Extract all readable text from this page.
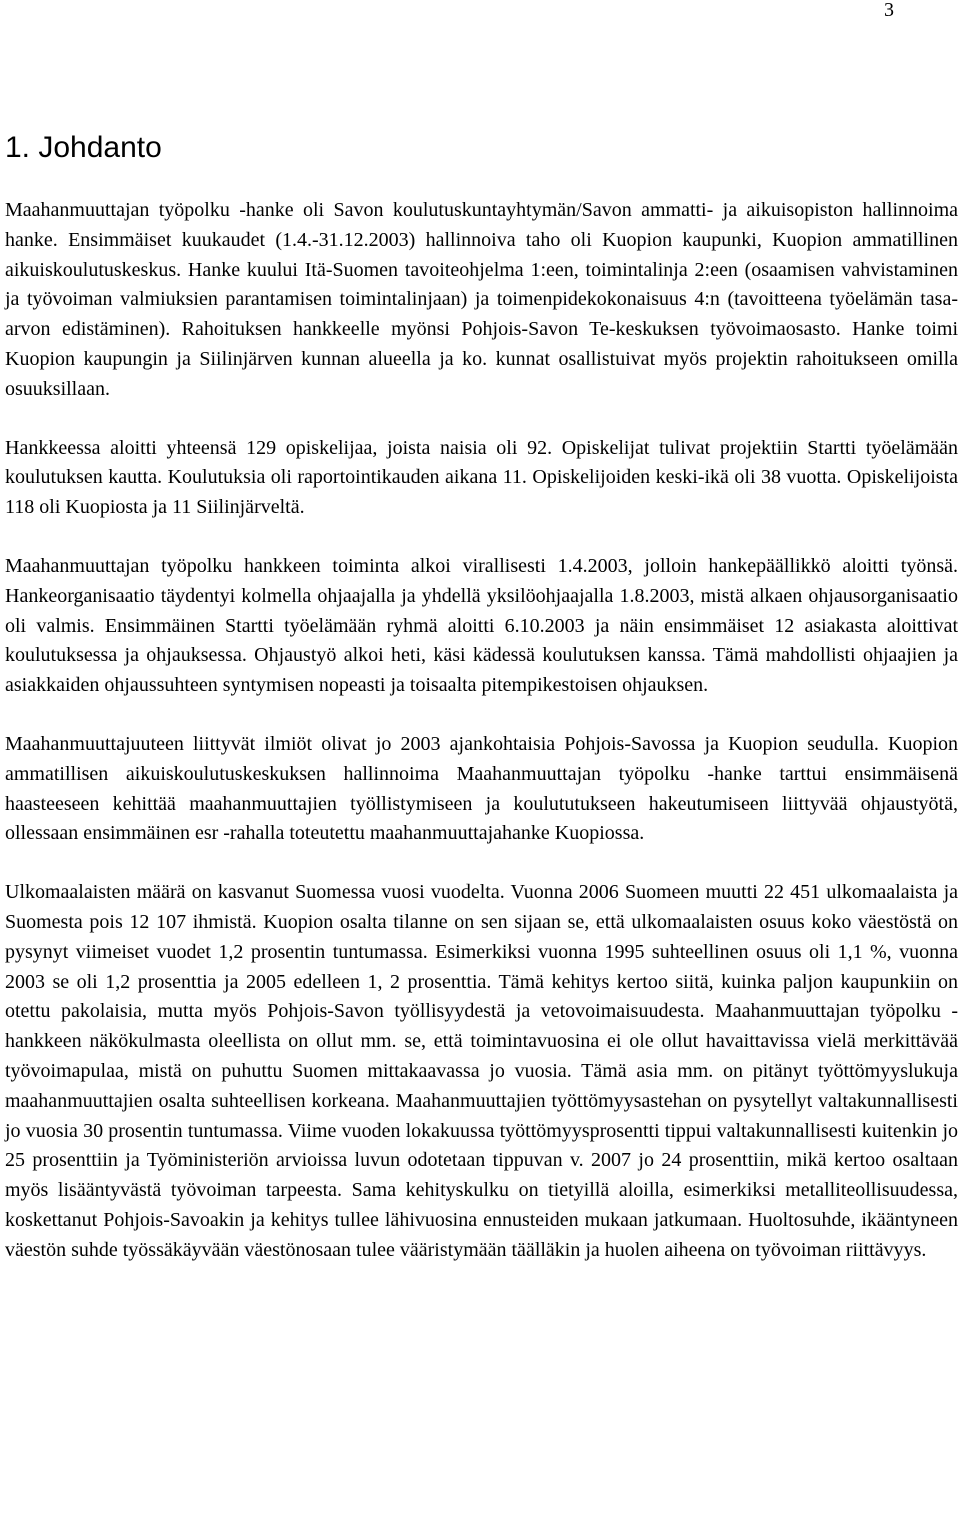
3
1. Johdanto

Maahanmuuttajan työpolku -hanke oli Savon koulutuskuntayhtymän/Savon ammatti- ja aikuisopiston hallinnoima hanke. Ensimmäiset kuukaudet (1.4.-31.12.2003) hallinnoiva taho oli Kuopion kaupunki, Kuopion ammatillinen aikuiskoulutuskeskus. Hanke kuului Itä-Suomen tavoiteohjelma 1:een, toimintalinja 2:een (osaamisen vahvistaminen ja työvoiman valmiuksien parantamisen toimintalinjaan) ja toimenpidekokonaisuus 4:n (tavoitteena työelämän tasa-arvon edistäminen). Rahoituksen hankkeelle myönsi Pohjois-Savon Te-keskuksen työvoimaosasto. Hanke toimi Kuopion kaupungin ja Siilinjärven kunnan alueella ja ko. kunnat osallistuivat myös projektin rahoitukseen omilla osuuksillaan.

Hankkeessa aloitti yhteensä 129 opiskelijaa, joista naisia oli 92. Opiskelijat tulivat projektiin Startti työelämään koulutuksen kautta. Koulutuksia oli raportointikauden aikana 11. Opiskelijoiden keski-ikä oli 38 vuotta. Opiskelijoista 118 oli Kuopiosta ja 11 Siilinjärveltä.

Maahanmuuttajan työpolku hankkeen toiminta alkoi virallisesti 1.4.2003, jolloin hankepäällikkö aloitti työnsä. Hankeorganisaatio täydentyi kolmella ohjaajalla ja yhdellä yksilöohjaajalla 1.8.2003, mistä alkaen ohjausorganisaatio oli valmis. Ensimmäinen Startti työelämään ryhmä aloitti 6.10.2003 ja näin ensimmäiset 12 asiakasta aloittivat koulutuksessa ja ohjauksessa. Ohjaustyö alkoi heti, käsi kädessä koulutuksen kanssa. Tämä mahdollisti ohjaajien ja asiakkaiden ohjaussuhteen syntymisen nopeasti ja toisaalta pitempikestoisen ohjauksen.

Maahanmuuttajuuteen liittyvät ilmiöt olivat jo 2003 ajankohtaisia Pohjois-Savossa ja Kuopion seudulla. Kuopion ammatillisen aikuiskoulutuskeskuksen hallinnoima Maahanmuuttajan työpolku -hanke tarttui ensimmäisenä haasteeseen kehittää maahanmuuttajien työllistymiseen ja koulututukseen hakeutumiseen liittyvää ohjaustyötä, ollessaan ensimmäinen esr -rahalla toteutettu maahanmuuttajahanke Kuopiossa.

Ulkomaalaisten määrä on kasvanut Suomessa vuosi vuodelta. Vuonna 2006 Suomeen muutti 22 451 ulkomaalaista ja Suomesta pois 12 107 ihmistä. Kuopion osalta tilanne on sen sijaan se, että ulkomaalaisten osuus koko väestöstä on pysynyt viimeiset vuodet 1,2 prosentin tuntumassa. Esimerkiksi vuonna 1995 suhteellinen osuus oli 1,1 %, vuonna 2003 se oli 1,2 prosenttia ja 2005 edelleen 1, 2 prosenttia. Tämä kehitys kertoo siitä, kuinka paljon kaupunkiin on otettu pakolaisia, mutta myös Pohjois-Savon työllisyydestä ja vetovoimaisuudesta. Maahanmuuttajan työpolku -hankkeen näkökulmasta oleellista on ollut mm. se, että toimintavuosina ei ole ollut havaittavissa vielä merkittävää työvoimapulaa, mistä on puhuttu Suomen mittakaavassa jo vuosia. Tämä asia mm. on pitänyt työttömyyslukuja maahanmuuttajien osalta suhteellisen korkeana. Maahanmuuttajien työttömyysastehan on pysytellyt valtakunnallisesti jo vuosia 30 prosentin tuntumassa. Viime vuoden lokakuussa työttömyysprosentti tippui valtakunnallisesti kuitenkin jo 25 prosenttiin ja Työministeriön arvioissa luvun odotetaan tippuvan v. 2007 jo 24 prosenttiin, mikä kertoo osaltaan myös lisääntyvästä työvoiman tarpeesta. Sama kehityskulku on tietyillä aloilla, esimerkiksi metalliteollisuudessa, koskettanut Pohjois-Savoakin ja kehitys tullee lähivuosina ennusteiden mukaan jatkumaan. Huoltosuhde, ikääntyneen väestön suhde työssäkäyvään väestönosaan tulee vääristymään täälläkin ja huolen aiheena on työvoiman riittävyys.
